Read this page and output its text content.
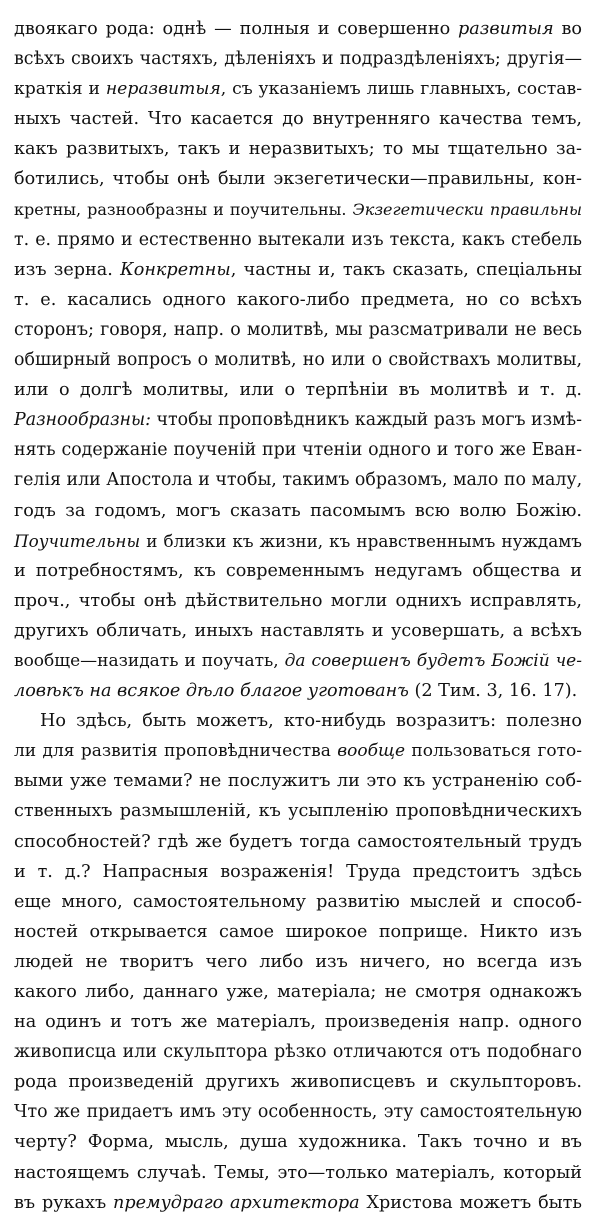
двоякаго рода: однѣ — полныя и совершенно развитыя во
всѣхъ своихъ частяхъ, дѣленіяхъ и подраздѣленіяхъ; другія—
краткія и неразвитыя, съ указаніемъ лишь главныхъ, состав-
ныхъ частей. Что касается до внутренняго качества темъ,
какъ развитыхъ, такъ и неразвитыхъ; то мы тщательно за-
ботились, чтобы онѣ были экзегетически—правильны, кон-
кретны, разнообразны и поучительны. Экзегетически правильны
т. е. прямо и естественно вытекали изъ текста, какъ стебель
изъ зерна. Конкретны, частны и, такъ сказать, спеціальны
т. е. касались одного какого-либо предмета, но со всѣхъ
сторонъ; говоря, напр. о молитвѣ, мы разсматривали не весь
обширный вопросъ о молитвѣ, но или о свойствахъ молитвы,
или о долгѣ молитвы, или о терпѣніи въ молитвѣ и т. д.
Разнообразны: чтобы проповѣдникъ каждый разъ могъ измѣ-
нять содержаніе поученій при чтеніи одного и того же Еван-
гелія или Апостола и чтобы, такимъ образомъ, мало по малу,
годъ за годомъ, могъ сказать пасомымъ всю волю Божію.
Поучительны и близки къ жизни, къ нравственнымъ нуждамъ
и потребностямъ, къ современнымъ недугамъ общества и
проч., чтобы онѣ дѣйствительно могли однихъ исправлять,
другихъ обличать, иныхъ наставлять и усовершать, а всѣхъ
вообще—назидать и поучать, да совершенъ будетъ Божій че-
ловѣкъ на всякое дѣло благое уготованъ (2 Тим. 3, 16. 17).
Но здѣсь, быть можетъ, кто-нибудь возразитъ: полезно
ли для развитія проповѣдничества вообще пользоваться гото-
выми уже темами? не послужитъ ли это къ устраненію соб-
ственныхъ размышленій, къ усыпленію проповѣдническихъ
способностей? гдѣ же будетъ тогда самостоятельный трудъ
и т. д.? Напрасныя возраженія! Труда предстоитъ здѣсь
еще много, самостоятельному развитію мыслей и способ-
ностей открывается самое широкое поприще. Никто изъ
людей не творитъ чего либо изъ ничего, но всегда изъ
какого либо, даннаго уже, матеріала; не смотря однакожъ
на одинъ и тотъ же матеріалъ, произведенія напр. одного
живописца или скульптора рѣзко отличаются отъ подобнаго
рода произведеній другихъ живописцевъ и скульпторовъ.
Что же придаетъ имъ эту особенность, эту самостоятельную
черту? Форма, мысль, душа художника. Такъ точно и въ
настоящемъ случаѣ. Темы, это—только матеріалъ, который
въ рукахъ премудраго архитектора Христова можетъ быть
